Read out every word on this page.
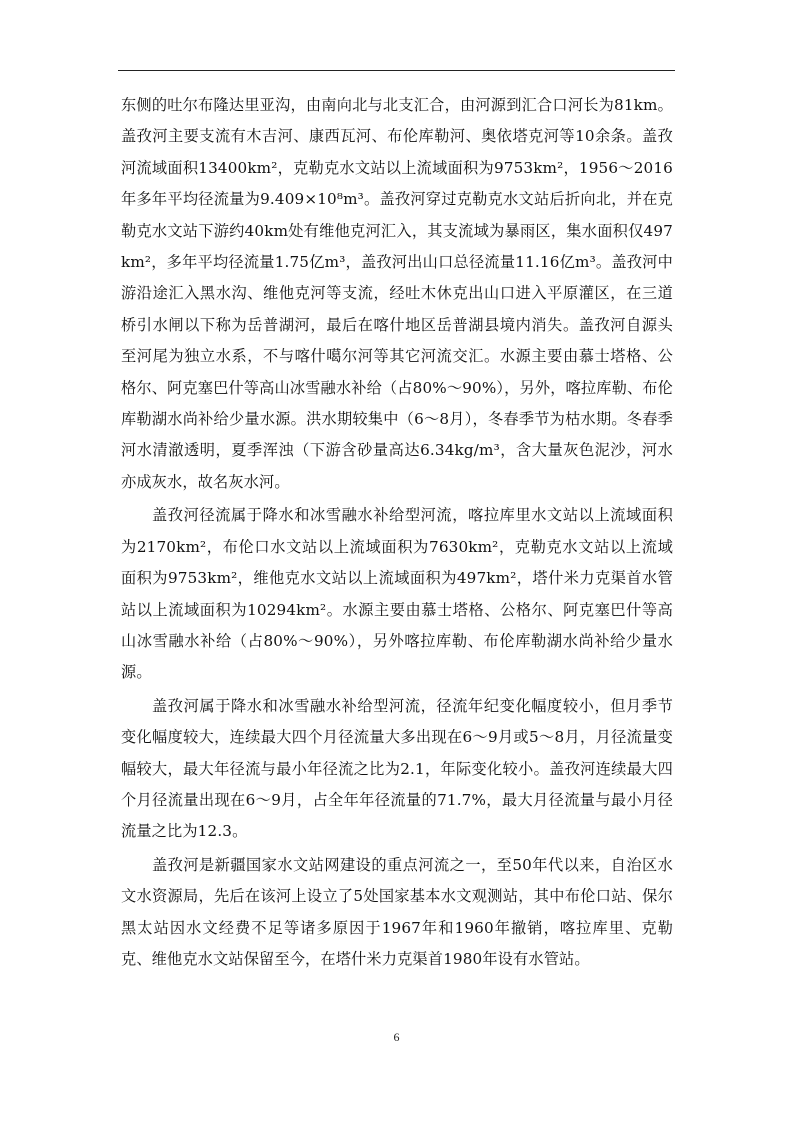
东侧的吐尔布隆达里亚沟，由南向北与北支汇合，由河源到汇合口河长为81km。盖孜河主要支流有木吉河、康西瓦河、布伦库勒河、奥依塔克河等10余条。盖孜河流域面积13400km²，克勒克水文站以上流域面积为9753km²，1956～2016年多年平均径流量为9.409×10⁸m³。盖孜河穿过克勒克水文站后折向北，并在克勒克水文站下游约40km处有维他克河汇入，其支流域为暴雨区，集水面积仅497km²，多年平均径流量1.75亿m³，盖孜河出山口总径流量11.16亿m³。盖孜河中游沿途汇入黑水沟、维他克河等支流，经吐木休克出山口进入平原灌区，在三道桥引水闸以下称为岳普湖河，最后在喀什地区岳普湖县境内消失。盖孜河自源头至河尾为独立水系，不与喀什噶尔河等其它河流交汇。水源主要由慕士塔格、公格尔、阿克塞巴什等高山冰雪融水补给（占80%～90%），另外，喀拉库勒、布伦库勒湖水尚补给少量水源。洪水期较集中（6～8月），冬春季节为枯水期。冬春季河水清澈透明，夏季浑浊（下游含砂量高达6.34kg/m³，含大量灰色泥沙，河水亦成灰水，故名灰水河。

盖孜河径流属于降水和冰雪融水补给型河流，喀拉库里水文站以上流域面积为2170km²，布伦口水文站以上流域面积为7630km²，克勒克水文站以上流域面积为9753km²，维他克水文站以上流域面积为497km²，塔什米力克渠首水管站以上流域面积为10294km²。水源主要由慕士塔格、公格尔、阿克塞巴什等高山冰雪融水补给（占80%～90%），另外喀拉库勒、布伦库勒湖水尚补给少量水源。

盖孜河属于降水和冰雪融水补给型河流，径流年纪变化幅度较小，但月季节变化幅度较大，连续最大四个月径流量大多出现在6～9月或5～8月，月径流量变幅较大，最大年径流与最小年径流之比为2.1，年际变化较小。盖孜河连续最大四个月径流量出现在6～9月，占全年年径流量的71.7%，最大月径流量与最小月径流量之比为12.3。

盖孜河是新疆国家水文站网建设的重点河流之一，至50年代以来，自治区水文水资源局，先后在该河上设立了5处国家基本水文观测站，其中布伦口站、保尔黑太站因水文经费不足等诸多原因于1967年和1960年撤销，喀拉库里、克勒克、维他克水文站保留至今，在塔什米力克渠首1980年设有水管站。

6
